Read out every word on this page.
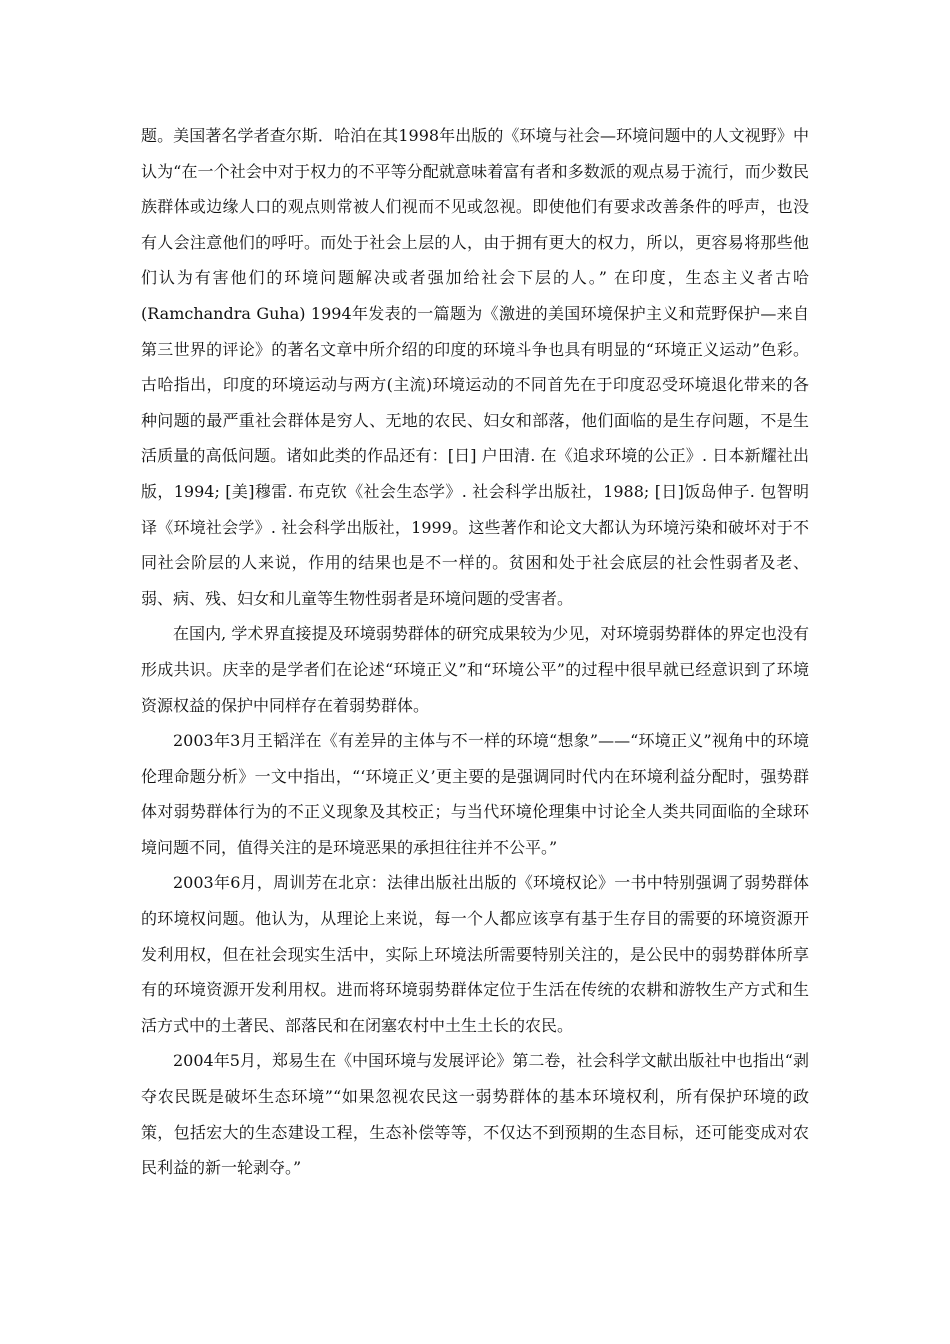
题。美国著名学者查尔斯．哈泊在其1998年出版的《环境与社会—环境问题中的人文视野》中认为“在一个社会中对于权力的不平等分配就意味着富有者和多数派的观点易于流行，而少数民族群体或边缘人口的观点则常被人们视而不见或忽视。即使他们有要求改善条件的呼声，也没有人会注意他们的呼吁。而处于社会上层的人，由于拥有更大的权力，所以，更容易将那些他们认为有害他们的环境问题解决或者强加给社会下层的人。” 在印度，生态主义者古哈(Ramchandra Guha) 1994年发表的一篇题为《激进的美国环境保护主义和荒野保护—来自第三世界的评论》的著名文章中所介绍的印度的环境斗争也具有明显的“环境正义运动”色彩。古哈指出，印度的环境运动与两方(主流)环境运动的不同首先在于印度忍受环境退化带来的各种问题的最严重社会群体是穷人、无地的农民、妇女和部落，他们面临的是生存问题，不是生活质量的高低问题。诸如此类的作品还有：[日] 户田清. 在《追求环境的公正》. 日本新耀社出版，1994; [美]穆雷. 布克钦《社会生态学》. 社会科学出版社，1988; [日]饭岛伸子. 包智明译《环境社会学》. 社会科学出版社，1999。这些著作和论文大都认为环境污染和破坏对于不同社会阶层的人来说，作用的结果也是不一样的。贫困和处于社会底层的社会性弱者及老、弱、病、残、妇女和儿童等生物性弱者是环境问题的受害者。

在国内, 学术界直接提及环境弱势群体的研究成果较为少见，对环境弱势群体的界定也没有形成共识。庆幸的是学者们在论述“环境正义”和“环境公平”的过程中很早就已经意识到了环境资源权益的保护中同样存在着弱势群体。

2003年3月王韬洋在《有差异的主体与不一样的环境“想象”——“环境正义”视角中的环境伦理命题分析》一文中指出，“‘环境正义’更主要的是强调同时代内在环境利益分配时，强势群体对弱势群体行为的不正义现象及其校正；与当代环境伦理集中讨论全人类共同面临的全球环境问题不同，值得关注的是环境恶果的承担往往并不公平。”

2003年6月，周训芳在北京：法律出版社出版的《环境权论》一书中特别强调了弱势群体的环境权问题。他认为，从理论上来说，每一个人都应该享有基于生存目的需要的环境资源开发利用权，但在社会现实生活中，实际上环境法所需要特别关注的，是公民中的弱势群体所享有的环境资源开发利用权。进而将环境弱势群体定位于生活在传统的农耕和游牧生产方式和生活方式中的土著民、部落民和在闭塞农村中土生土长的农民。

2004年5月，郑易生在《中国环境与发展评论》第二卷，社会科学文献出版社中也指出“剥夺农民既是破坏生态环境”“如果忽视农民这一弱势群体的基本环境权利，所有保护环境的政策，包括宏大的生态建设工程，生态补偿等等，不仅达不到预期的生态目标，还可能变成对农民利益的新一轮剥夺。”
